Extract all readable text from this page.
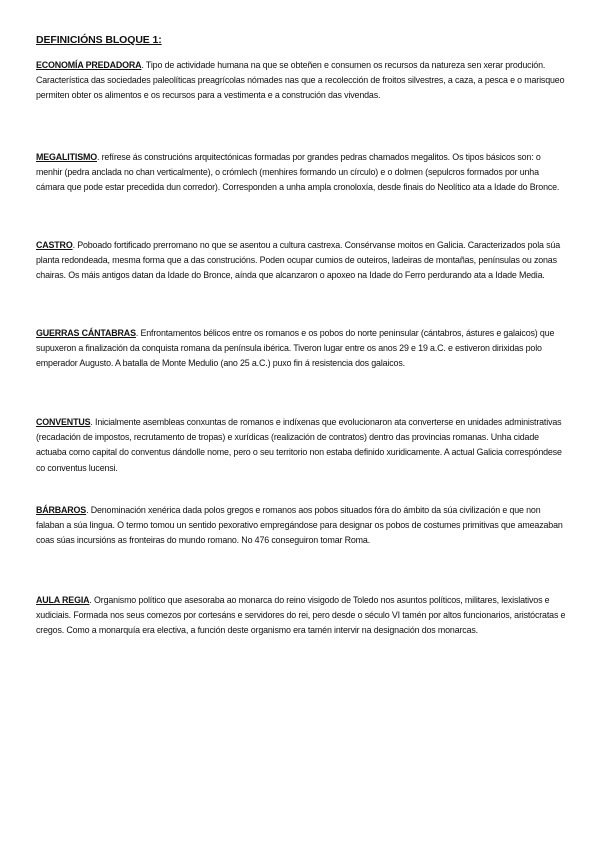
DEFINICIÓNS BLOQUE 1:

ECONOMÍA PREDADORA. Tipo de actividade humana na que se obteñen e consumen os recursos da natureza sen xerar produción. Característica das sociedades paleolíticas preagrícolas nómades nas que a recolección de froitos silvestres, a caza, a pesca e o marisqueo permiten obter os alimentos e os recursos para a vestimenta e a construción das vivendas.

MEGALITISMO. refírese ás construcións arquitectónicas formadas por grandes pedras chamados megalitos. Os tipos básicos son: o menhir (pedra anclada no chan verticalmente), o crómlech (menhires formando un círculo) e o dolmen (sepulcros formados por unha cámara que pode estar precedida dun corredor). Corresponden a unha ampla cronoloxía, desde finais do Neolítico ata a Idade do Bronce.

CASTRO. Poboado fortificado prerromano no que se asentou a cultura castrexa. Consérvanse moitos en Galicia. Caracterizados pola súa planta redondeada, mesma forma que a das construcións. Poden ocupar cumios de outeiros, ladeiras de montañas, penínsulas ou zonas chairas. Os máis antigos datan da Idade do Bronce, aínda que alcanzaron o apoxeo na Idade do Ferro perdurando ata a Idade Media.

GUERRAS CÁNTABRAS. Enfrontamentos bélicos entre os romanos e os pobos do norte peninsular (cántabros, ástures e galaicos) que supuxeron a finalización da conquista romana da península ibérica. Tiveron lugar entre os anos 29 e 19 a.C. e estiveron dirixidas polo emperador Augusto. A batalla de Monte Medulio (ano 25 a.C.) puxo fin á resistencia dos galaicos.

CONVENTUS. Inicialmente asembleas conxuntas de romanos e indíxenas que evolucionaron ata converterse en unidades administrativas (recadación de impostos, recrutamento de tropas) e xurídicas (realización de contratos) dentro das provincias romanas. Unha cidade actuaba como capital do conventus dándolle nome, pero o seu territorio non estaba definido xuridicamente. A actual Galicia correspóndese co conventus lucensi.

BÁRBAROS. Denominación xenérica dada polos gregos e romanos aos pobos situados fóra do ámbito da súa civilización e que non falaban a súa lingua. O termo tomou un sentido pexorativo empregándose para designar os pobos de costumes primitivas que ameazaban coas súas incursións as fronteiras do mundo romano. No 476 conseguiron tomar Roma.

AULA REGIA. Organismo político que asesoraba ao monarca do reino visigodo de Toledo nos asuntos políticos, militares, lexislativos e xudiciais. Formada nos seus comezos por cortesáns e servidores do rei, pero desde o século VI tamén por altos funcionarios, aristócratas e cregos. Como a monarquía era electiva, a función deste organismo era tamén intervir na designación dos monarcas.
